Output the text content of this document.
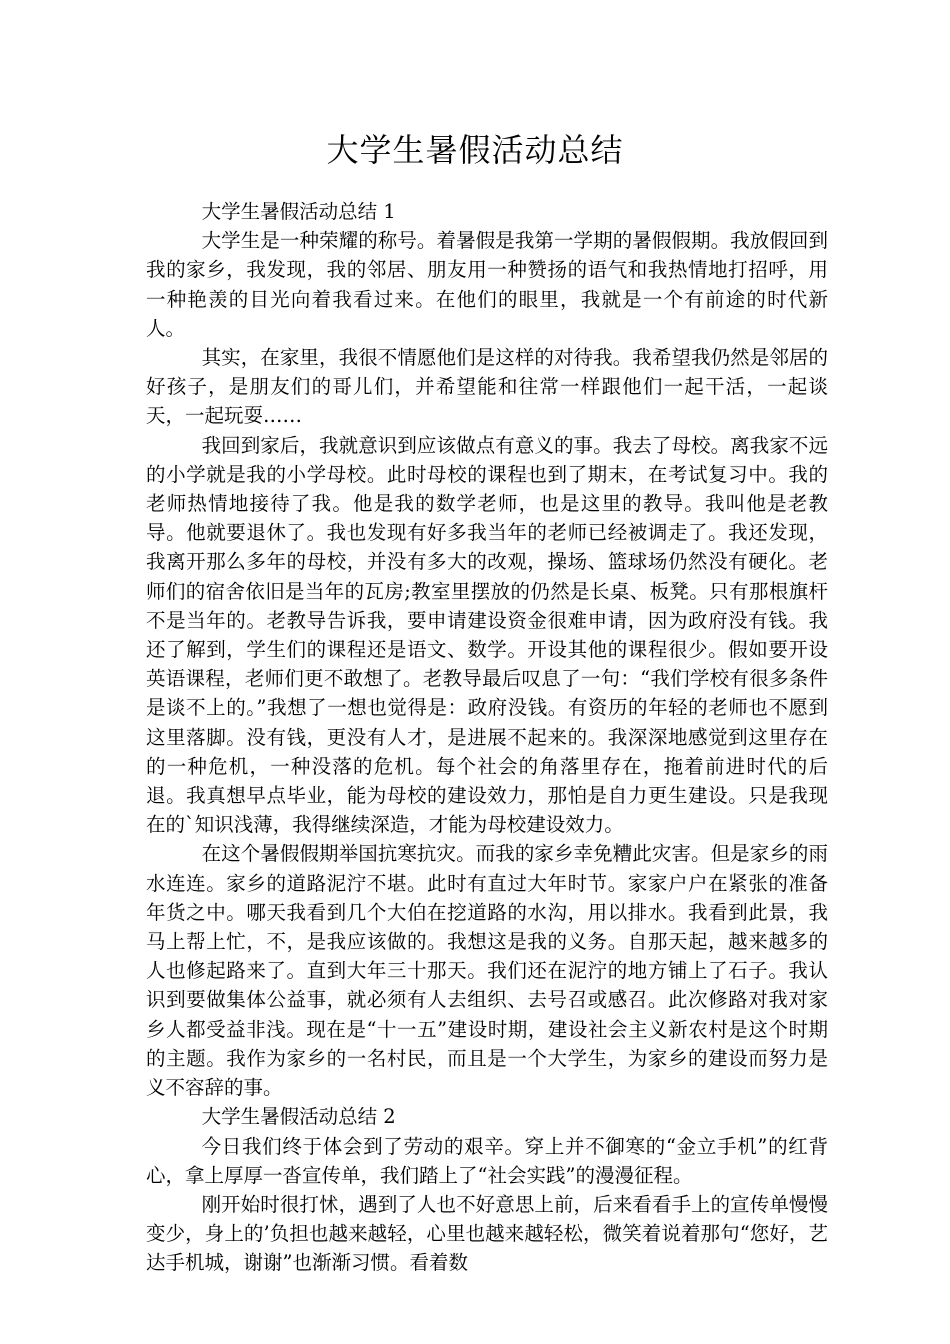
大学生暑假活动总结

大学生暑假活动总结 1

大学生是一种荣耀的称号。着暑假是我第一学期的暑假假期。我放假回到我的家乡，我发现，我的邻居、朋友用一种赞扬的语气和我热情地打招呼，用一种艳羡的目光向着我看过来。在他们的眼里，我就是一个有前途的时代新人。

其实，在家里，我很不情愿他们是这样的对待我。我希望我仍然是邻居的好孩子，是朋友们的哥儿们，并希望能和往常一样跟他们一起干活，一起谈天，一起玩耍……

我回到家后，我就意识到应该做点有意义的事。我去了母校。离我家不远的小学就是我的小学母校。此时母校的课程也到了期末，在考试复习中。我的老师热情地接待了我。他是我的数学老师，也是这里的教导。我叫他是老教导。他就要退休了。我也发现有好多我当年的老师已经被调走了。我还发现，我离开那么多年的母校，并没有多大的改观，操场、篮球场仍然没有硬化。老师们的宿舍依旧是当年的瓦房;教室里摆放的仍然是长桌、板凳。只有那根旗杆不是当年的。老教导告诉我，要申请建设资金很难申请，因为政府没有钱。我还了解到，学生们的课程还是语文、数学。开设其他的课程很少。假如要开设英语课程，老师们更不敢想了。老教导最后叹息了一句：“我们学校有很多条件是谈不上的。”我想了一想也觉得是：政府没钱。有资历的年轻的老师也不愿到这里落脚。没有钱，更没有人才，是进展不起来的。我深深地感觉到这里存在的一种危机，一种没落的危机。每个社会的角落里存在，拖着前进时代的后退。我真想早点毕业，能为母校的建设效力，那怕是自力更生建设。只是我现在的`知识浅薄，我得继续深造，才能为母校建设效力。

在这个暑假假期举国抗寒抗灾。而我的家乡幸免糟此灾害。但是家乡的雨水连连。家乡的道路泥泞不堪。此时有直过大年时节。家家户户在紧张的准备年货之中。哪天我看到几个大伯在挖道路的水沟，用以排水。我看到此景，我马上帮上忙，不，是我应该做的。我想这是我的义务。自那天起，越来越多的人也修起路来了。直到大年三十那天。我们还在泥泞的地方铺上了石子。我认识到要做集体公益事，就必须有人去组织、去号召或感召。此次修路对我对家乡人都受益非浅。现在是“十一五”建设时期，建设社会主义新农村是这个时期的主题。我作为家乡的一名村民，而且是一个大学生，为家乡的建设而努力是义不容辞的事。

大学生暑假活动总结 2

今日我们终于体会到了劳动的艰辛。穿上并不御寒的“金立手机”的红背心，拿上厚厚一沓宣传单，我们踏上了“社会实践”的漫漫征程。

刚开始时很打怵，遇到了人也不好意思上前，后来看看手上的宣传单慢慢变少，身上的’负担也越来越轻，心里也越来越轻松，微笑着说着那句“您好，艺达手机城，谢谢”也渐渐习惯。看着数
